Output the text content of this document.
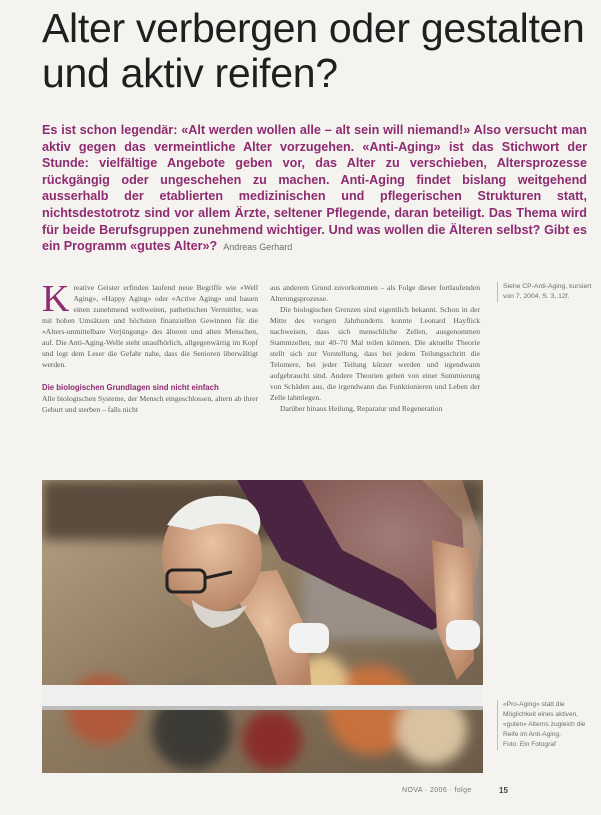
Alter verbergen oder gestalten und aktiv reifen?

Es ist schon legendär: «Alt werden wollen alle – alt sein will niemand!» Also versucht man aktiv gegen das vermeintliche Alter vorzugehen. «Anti-Aging» ist das Stichwort der Stunde: vielfältige Angebote geben vor, das Alter zu verschieben, Altersprozesse rückgängig oder ungeschehen zu machen. Anti-Aging findet bislang weitgehend ausserhalb der etablierten medizinischen und pflegerischen Strukturen statt, nichtsdestotrotz sind vor allem Ärzte, seltener Pflegende, daran beteiligt. Das Thema wird für beide Berufsgruppen zunehmend wichtiger. Und was wollen die Älteren selbst? Gibt es ein Programm «gutes Alter»? Andreas Gerhard

K reative Geister erfinden laufend neue Begriffe wie «Well Aging», «Happy Aging» oder «Active Aging» und bauen einen zunehmend weltweiten, pathetischen Vermittler, was mit hohen Umsätzen und höchsten finanziellen Gewinnen für die «Alters-unmittelbare Verjüngung» des älteren und alten Menschen, auf. Die Anti-Aging-Welle steht unaufhörlich, allgegenwärtig im Kopf und legt dem Leser die Gefahr nahe, dass die Senioren überwältigt werden.
Die biologischen Grundlagen sind nicht einfach
Alle biologischen Systeme, der Mensch eingeschlossen, altern ab ihrer Geburt und sterben – falls nicht
aus anderem Grund zuvorkommen – als Folge dieser fortlaufenden Alterungsprozesse.
Die biologischen Grenzen sind eigentlich bekannt. Schon in der Mitte des vorigen Jahrhunderts konnte Leonard Hayflick nachweisen, dass sich menschliche Zellen, ausgenommen Stammzellen, nur 40–70 Mal teilen können. Die aktuelle Theorie stellt sich zur Vorstellung, dass bei jedem Teilungsschritt die Telomere, bei jeder Teilung kürzer werden und irgendwann aufgebraucht sind. Andere Theorien gehen von einer Summierung von Schäden aus, die irgendwann das Funktionieren und Leben der Zelle lahmlegen.
Darüber hinaus Heilung, Reparatur und Regeneration
Siehe CP-Anti-Aging, kursiert von 7, 2004, S. 3, 12f.
«Pro-Aging» statt die Möglichkeit eines aktiven, «guten» Alterns zugleich die Reife im Anti-Aging.
Foto: Ein Fotograf
NOVA · 2006 · folge	15
